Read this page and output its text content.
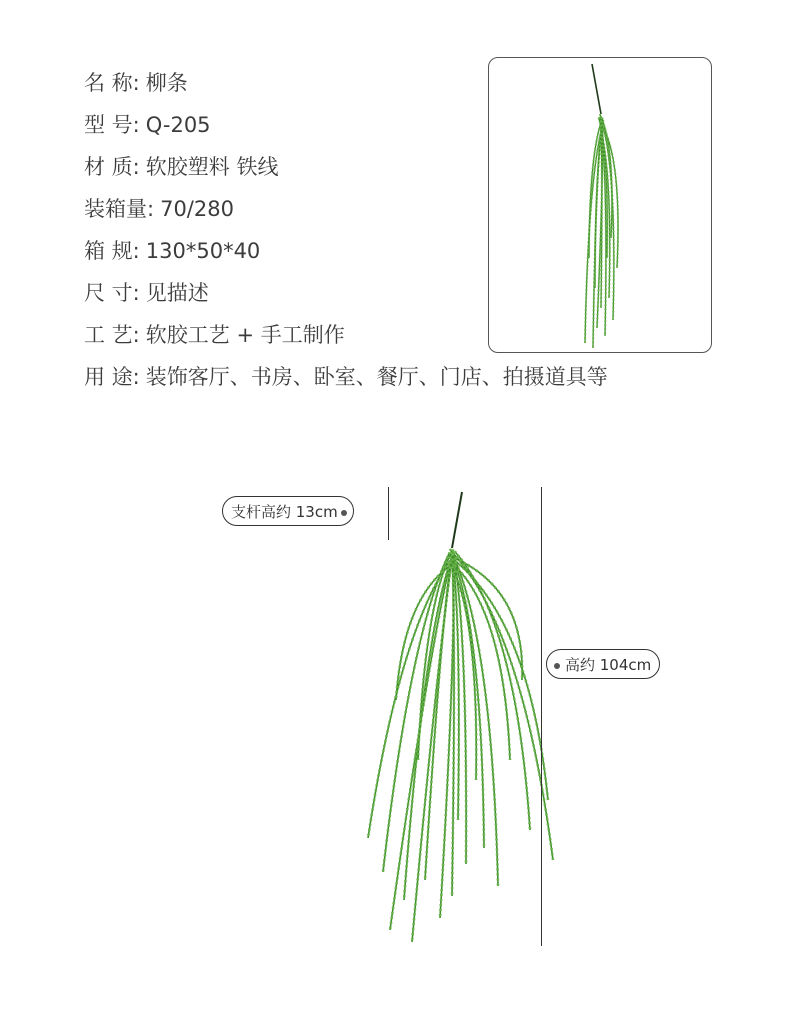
名 称: 柳条
型 号: Q-205
材 质: 软胶塑料 铁线
装箱量: 70/280
箱 规: 130*50*40
尺 寸: 见描述
工 艺: 软胶工艺 + 手工制作
用 途: 装饰客厅、书房、卧室、餐厅、门店、拍摄道具等
支杆高约 13cm
高约 104cm
